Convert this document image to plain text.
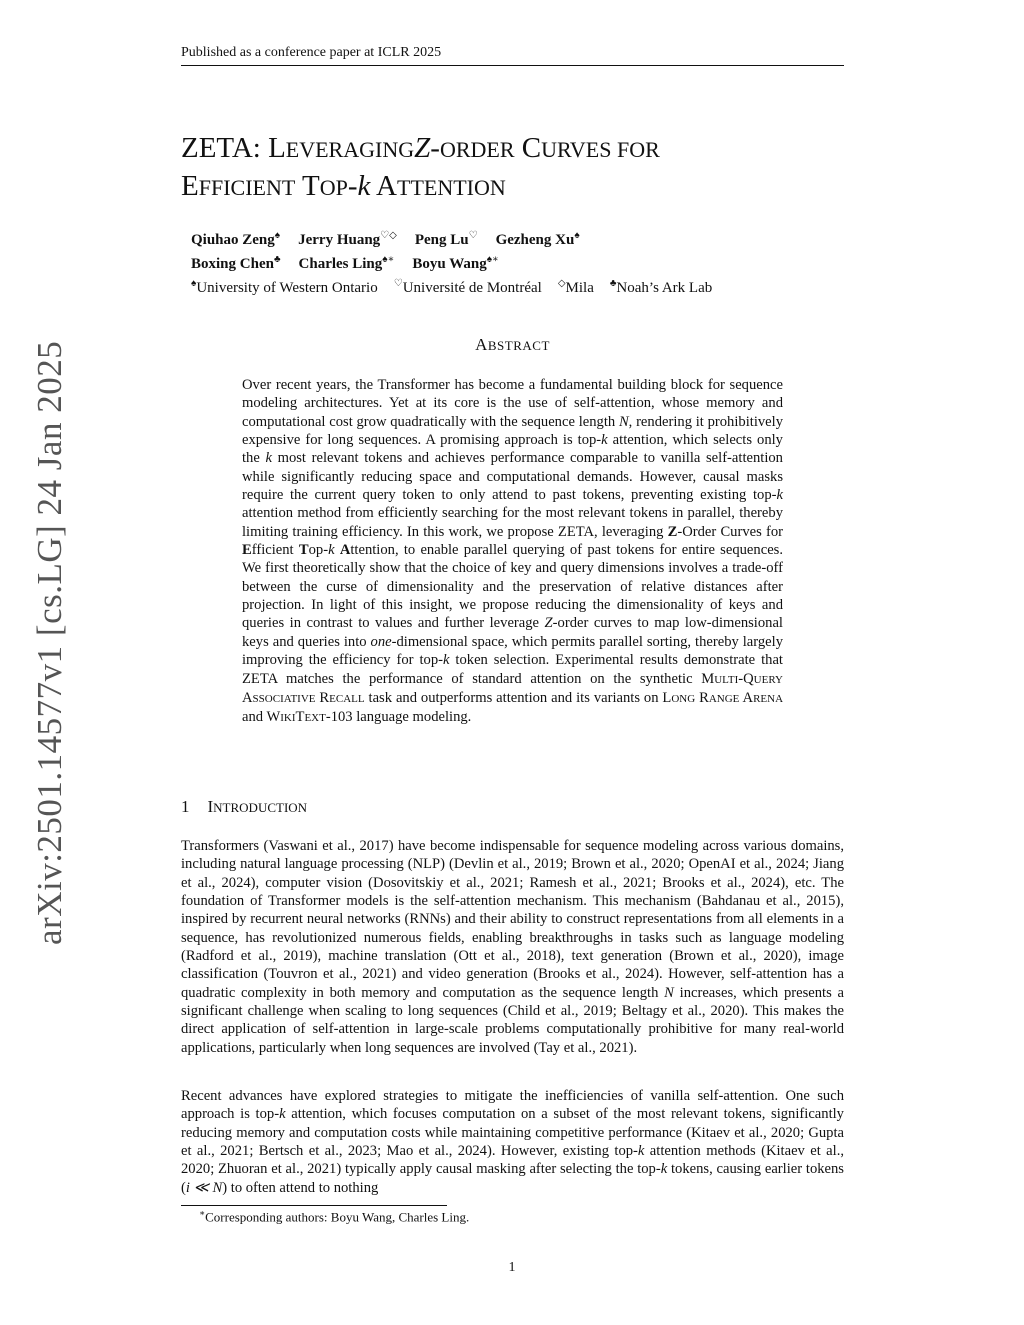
Published as a conference paper at ICLR 2025
arXiv:2501.14577v1 [cs.LG] 24 Jan 2025
ZETA: LEVERAGINGZ-ORDER CURVES FOR
EFFICIENT TOP-k ATTENTION
Qiuhao Zeng♠ Jerry Huang♡◇ Peng Lu♡ Gezheng Xu♠
Boxing Chen♣ Charles Ling♠∗ Boyu Wang♠∗
♠University of Western Ontario ♡Université de Montréal ◇Mila ♣Noah’s Ark Lab
ABSTRACT
Over recent years, the Transformer has become a fundamental building block for sequence modeling architectures. Yet at its core is the use of self-attention, whose memory and computational cost grow quadratically with the sequence length N, rendering it prohibitively expensive for long sequences. A promising approach is top-k attention, which selects only the k most relevant tokens and achieves performance comparable to vanilla self-attention while significantly reducing space and computational demands. However, causal masks require the current query token to only attend to past tokens, preventing existing top-k attention method from efficiently searching for the most relevant tokens in parallel, thereby limiting training efficiency. In this work, we propose ZETA, leveraging Z-Order Curves for Efficient Top-k Attention, to enable parallel querying of past tokens for entire sequences. We first theoretically show that the choice of key and query dimensions involves a trade-off between the curse of dimensionality and the preservation of relative distances after projection. In light of this insight, we propose reducing the dimensionality of keys and queries in contrast to values and further leverage Z-order curves to map low-dimensional keys and queries into one-dimensional space, which permits parallel sorting, thereby largely improving the efficiency for top-k token selection. Experimental results demonstrate that ZETA matches the performance of standard attention on the synthetic MULTI-QUERY ASSOCIATIVE RECALL task and outperforms attention and its variants on LONG RANGE ARENA and WIKITEXT-103 language modeling.
1 INTRODUCTION
Transformers (Vaswani et al., 2017) have become indispensable for sequence modeling across various domains, including natural language processing (NLP) (Devlin et al., 2019; Brown et al., 2020; OpenAI et al., 2024; Jiang et al., 2024), computer vision (Dosovitskiy et al., 2021; Ramesh et al., 2021; Brooks et al., 2024), etc. The foundation of Transformer models is the self-attention mechanism. This mechanism (Bahdanau et al., 2015), inspired by recurrent neural networks (RNNs) and their ability to construct representations from all elements in a sequence, has revolutionized numerous fields, enabling breakthroughs in tasks such as language modeling (Radford et al., 2019), machine translation (Ott et al., 2018), text generation (Brown et al., 2020), image classification (Touvron et al., 2021) and video generation (Brooks et al., 2024). However, self-attention has a quadratic complexity in both memory and computation as the sequence length N increases, which presents a significant challenge when scaling to long sequences (Child et al., 2019; Beltagy et al., 2020). This makes the direct application of self-attention in large-scale problems computationally prohibitive for many real-world applications, particularly when long sequences are involved (Tay et al., 2021).
Recent advances have explored strategies to mitigate the inefficiencies of vanilla self-attention. One such approach is top-k attention, which focuses computation on a subset of the most relevant tokens, significantly reducing memory and computation costs while maintaining competitive performance (Kitaev et al., 2020; Gupta et al., 2021; Bertsch et al., 2023; Mao et al., 2024). However, existing top-k attention methods (Kitaev et al., 2020; Zhuoran et al., 2021) typically apply causal masking after selecting the top-k tokens, causing earlier tokens (i ≪ N) to often attend to nothing
∗Corresponding authors: Boyu Wang, Charles Ling.
1
